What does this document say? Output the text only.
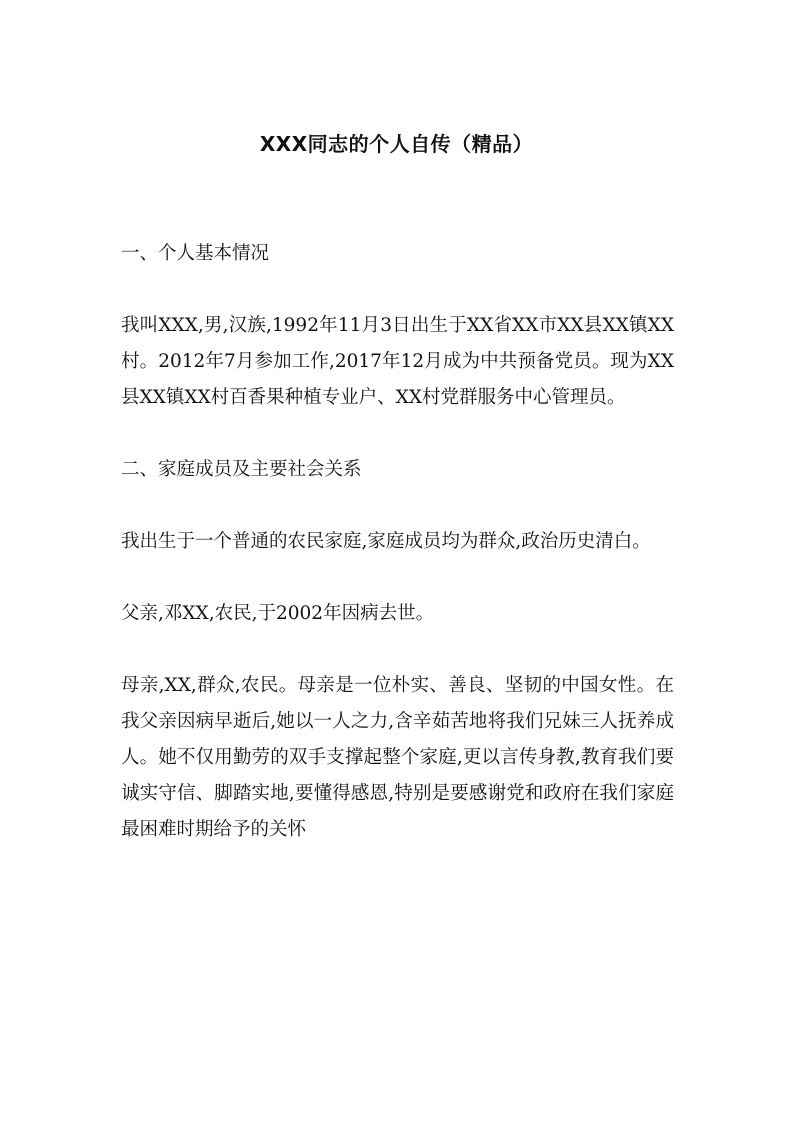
XXX同志的个人自传（精品）

一、个人基本情况

我叫XXX,男,汉族,1992年11月3日出生于XX省XX市XX县XX镇XX村。2012年7月参加工作,2017年12月成为中共预备党员。现为XX县XX镇XX村百香果种植专业户、XX村党群服务中心管理员。

二、家庭成员及主要社会关系

我出生于一个普通的农民家庭,家庭成员均为群众,政治历史清白。

父亲,邓XX,农民,于2002年因病去世。

母亲,XX,群众,农民。母亲是一位朴实、善良、坚韧的中国女性。在我父亲因病早逝后,她以一人之力,含辛茹苦地将我们兄妹三人抚养成人。她不仅用勤劳的双手支撑起整个家庭,更以言传身教,教育我们要诚实守信、脚踏实地,要懂得感恩,特别是要感谢党和政府在我们家庭最困难时期给予的关怀
